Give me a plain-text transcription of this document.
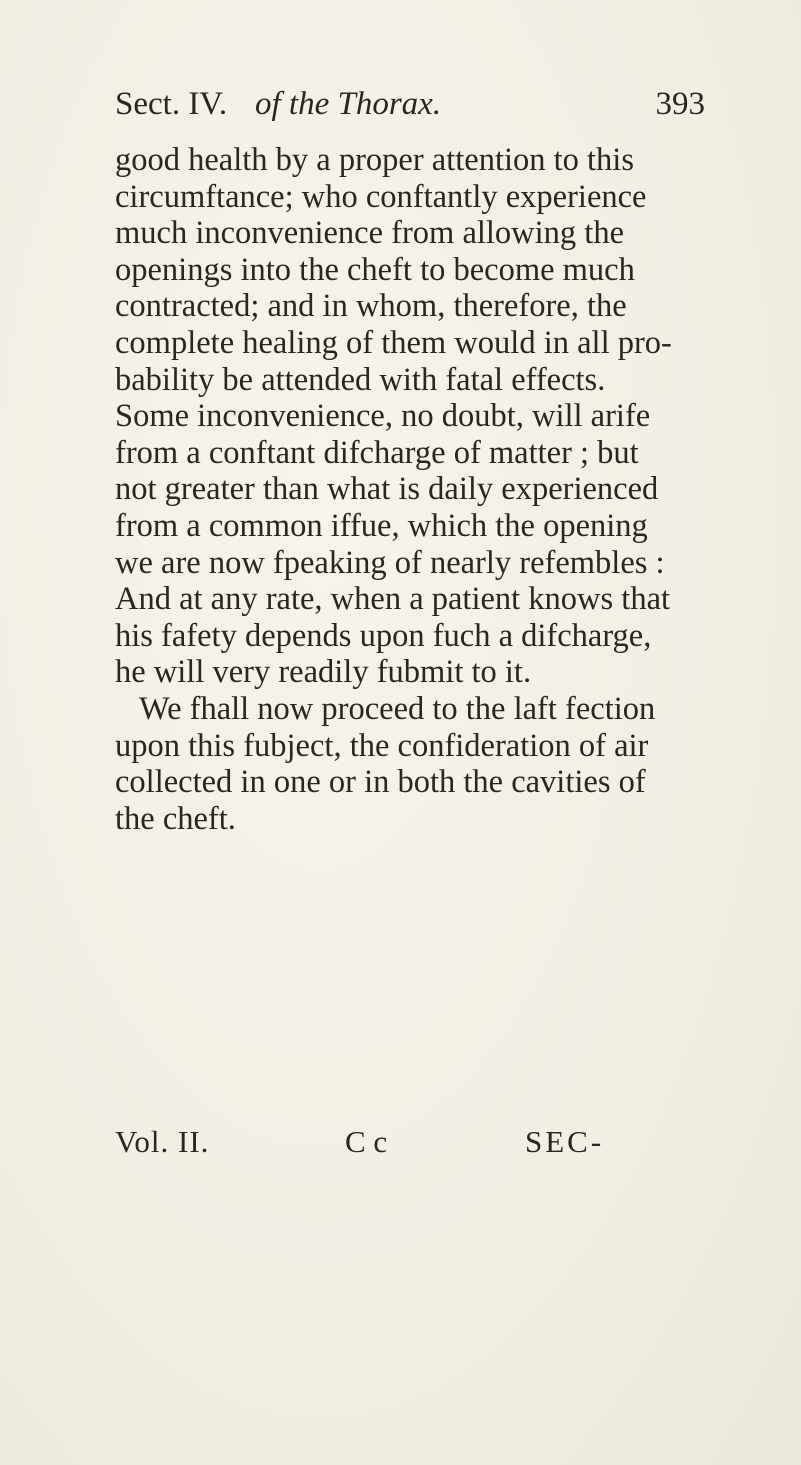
Sect. IV. of the Thorax.	393
good health by a proper attention to this
circumftance; who conftantly experience
much inconvenience from allowing the
openings into the cheft to become much
contracted; and in whom, therefore, the
complete healing of them would in all pro-
bability be attended with fatal effects.
Some inconvenience, no doubt, will arife
from a conftant difcharge of matter ; but
not greater than what is daily experienced
from a common iffue, which the opening
we are now fpeaking of nearly refembles :
And at any rate, when a patient knows that
his fafety depends upon fuch a difcharge,
he will very readily fubmit to it.
We fhall now proceed to the laft fection
upon this fubject, the confideration of air
collected in one or in both the cavities of
the cheft.
Vol. II.	C c	SEC-
